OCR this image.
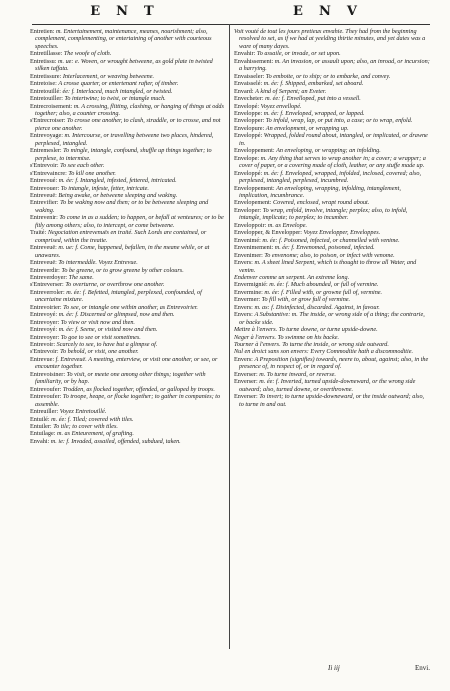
ENT	ENV

Entretien: m. Entertainement, maintenance, meanes, nourishment; also, complement, complementing, or entertaining of another with courteous speeches.

Entretillasse: The woofe of cloth.

Entretissu: m. ue: e. Woven, or wrought betweene, as gold plate in twisted silken taffata.

Entretissure: Interlacement, or weaving betweene.

Entretoise: A crosse quarter, or entertenant rafter, of timber.

Entretouillé: ée: f. Interlaced, much intangled, or twisted.

Entretouiller: To intertwine; to twist, or intangle much.

Entrecroisement: m. A crossing, flitting, clashing, or hanging of things at odds together; also, a counter crossing.

s'Entrecroiser: To crosse one another, to clash, straddle, or to crosse, and not pierce one another.

Entrevoyage: m. Intercourse, or travelling betweene two places, hindered, perplexed, intangled.

Entremesler: To mingle, intangle, confound, shuffle up things together; to perplexe, to intermixe.

s'Entrevoir: To see each other.

s'Entrevaincre: To kill one another.

Entrevoué: m. ée: f. Intangled, infested, fettered, intricated.

Entrevouer: To intangle, infeste, fetter, intricate.

Entreveuë: Being awake, or betweene sleeping and waking.

Entrevifier: To be waking now and then; or to be betweene sleeping and waking.

Entrevenir: To come in as a sudden; to happen, or befall at venteures; or to be fitly among others; also, to intercept, or come betweene.

Traité: Negociation entrevenuës en traité. Such Lords are contained, or comprised, within the treatie.

Entreveuë: m. ue: f. Come, happened, befallen, in the meane while, or at unawares.

Entreveuë: To intermeddle. Voyez Entrevue.

Entreverdir: To be greene, or to grow greene by other colours.

Entreverdoyer: The same.

s'Entreverser: To overturne, or overthrow one another.

Entreverroler: m. ée: f. Befetted, intangled, perplexed, confounded, of uncertaine mixture.

Entrevoirier: To see, or intangle one within another, as Entrevoirier.

Entrevoyé: m. ée: f. Discerned or glimpsed, now and then.

Entrevoyer: To view or visit now and then.

Entrevoyé: m. ée: f. Seene, or visited now and then.

Entrevoyer: To goe to see or visit sometimes.

Entrevoir: Scarcely to see, to have but a glimpse of.

s'Entrevoir: To behold, or visit, one another.

Entrevue: f. Entreveuë. A meeting, enterview, or visit one another, or see, or encounter together.

Entrevoisiner: To visit, or meete one among other things; together with familiarity, or by hap.

Entrevoufer: Trodden, as flocked together, offended, or galloped by troops.

Entrevoufer: To troope, heape, or flocke together; to gather in companies; to assemble.

Entreuiller: Voyez Entretouillé.

Entuilé: m. ée: f. Tiled; covered with tiles.

Entuiler: To tile; to cover with tiles.

Entuilage: m. as Enteurement, of grafting.

Envahi: m. ie: f. Invaded, assailed, offended, subdued, taken.

Voit vouté de tout les jours pretieux envahie. They had from the beginning resolved to set, as if we had at yeelding thirtie minutes, and yet daies was a ware of many dayes.

Envahir: To assaile, or invade, or set upon.

Envahissement: m. An invasion, or assault upon; also, an inroad, or incursion; a harrying.

Envaisseler: To emboite, or to ship; or to embarke, and convey.

Envaisselé: m. ée: f. Shipped, embarked, set aboard.

Envard: A kind of Serpent; an Eveter.

Envecheter: m. ée: f. Envelloped, put into a vessell.

Envelopé: Voyez envellopé.

Enveloppe: m. ée: f. Enveloped, wrapped, or lapped.

Envelopper: To infold, wrap, lap, or put into, a case; or to wrap, enfold.

Envelopure: An envelopment, or wrapping up.

Enveloppé: Wrapped, folded round about, intangled, or implicated, or drawne in.

Enveloppement: An enveloping, or wrapping; an infolding.

Envelope: m. Any thing that serves to wrap another in; a cover; a wrapper; a cover of paper, or a covering made of cloth, leather, or any stuffe made up.

Enveloppé: m. ée: f. Enveloped, wrapped, infolded, inclosed, covered; also, perplexed, intangled, perplexed, incumbred.

Enveloppement: An enveloping, wrapping, infolding, intanglement, implication, incumbrance.

Envelopement: Covered, enclosed, wrapt round about.

Enveloper: To wrap, enfold, involve, intangle; perplex; also, to infold, intangle, implicate; to perplex; to incumber.

Enveloppoir: m. as Envelope.

Envelopper, & Envelopper: Voyez Envelopper, Enveloppes.

Envenimé: m. ée: f. Poisoned, infected, or channelled with venime.

Envenimement: m. ée: f. Envenomed, poisoned, infected.

Envenimer: To envenome; also, to poison, or infect with venome.

Envers: m. A sheet lined Serpent, which is thought to throw all Water, and venim.

Endenver comme un serpent. An extreme long.

Envermignié: m. ée: f. Much abounded, or full of vermine.

Envermine: m. ée: f. Filled with, or growne full of, vermine.

Envermer: To fill with, or grow full of vermine.

Envers: m. as: f. Disinfected, discarded. Against, in favour.

Envers: A Substantive: m. The inside, or wrong side of a thing; the contrarie, or backe side.

Mettre à l'envers. To turne downe, or turne upside-downe.

Neger à l'envers. To swimme on his backe.

Tourner à l'envers. To turne the inside, or wrong side outward.

Nul en droict sans son envers: Every Commoditie hath a discommoditie.

Envers: A Preposition (signifies) towards, neere to, about, against; also, in the presence of, in respect of, or in regard of.

Enverser: m. To turne inward, or reverse.

Enverser: m. ée: f. Inverted, turned upside-downeward, or the wrong side outward; also, turned downe, or overthrowne.

Enverser: To invert; to turne upside-downeward, or the inside outward; also, to turne in and out.

Ii iij	Envi.
